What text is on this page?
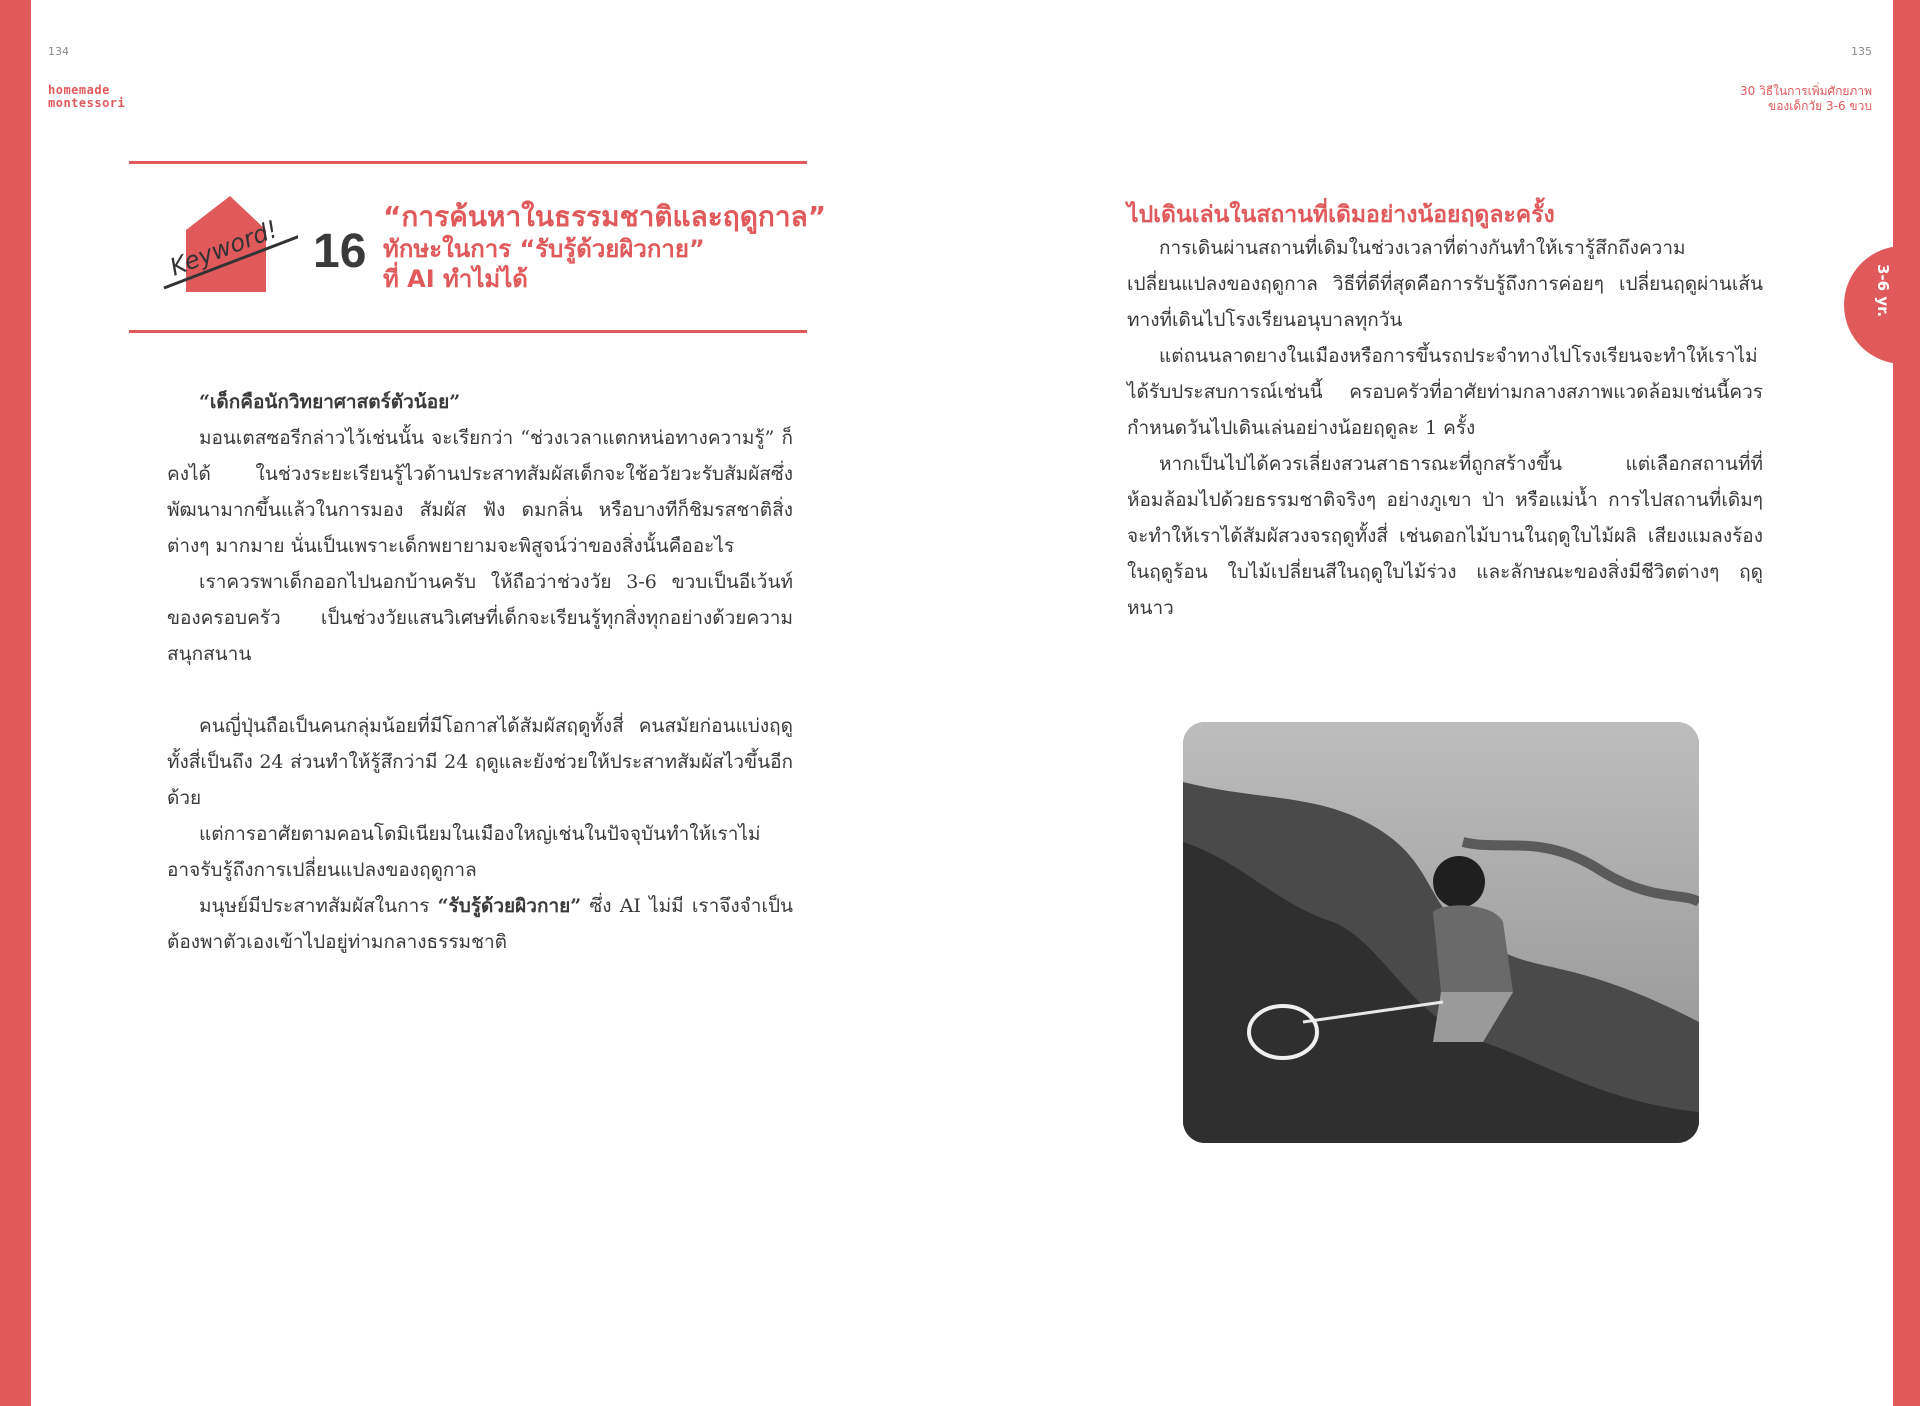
3-6 yr.
134	135
homemade
montessori
30 วิธีในการเพิ่มศักยภาพ
ของเด็กวัย 3-6 ขวบ
Keyword! 16
“การค้นหาในธรรมชาติและฤดูกาล”
ทักษะในการ “รับรู้ด้วยผิวกาย”
ที่ AI ทำไม่ได้

“เด็กคือนักวิทยาศาสตร์ตัวน้อย”

มอนเตสซอรีกล่าวไว้เช่นนั้น จะเรียกว่า “ช่วงเวลาแตกหน่อทางความรู้” ก็คงได้ ในช่วงระยะเรียนรู้ไวด้านประสาทสัมผัสเด็กจะใช้อวัยวะรับสัมผัสซึ่งพัฒนามากขึ้นแล้วในการมอง สัมผัส ฟัง ดมกลิ่น หรือบางทีก็ชิมรสชาติสิ่งต่างๆ มากมาย นั่นเป็นเพราะเด็กพยายามจะพิสูจน์ว่าของสิ่งนั้นคืออะไร

เราควรพาเด็กออกไปนอกบ้านครับ ให้ถือว่าช่วงวัย 3-6 ขวบเป็นอีเว้นท์ของครอบครัว เป็นช่วงวัยแสนวิเศษที่เด็กจะเรียนรู้ทุกสิ่งทุกอย่างด้วยความสนุกสนาน

คนญี่ปุ่นถือเป็นคนกลุ่มน้อยที่มีโอกาสได้สัมผัสฤดูทั้งสี่ คนสมัยก่อนแบ่งฤดูทั้งสี่เป็นถึง 24 ส่วนทำให้รู้สึกว่ามี 24 ฤดูและยังช่วยให้ประสาทสัมผัสไวขึ้นอีกด้วย

แต่การอาศัยตามคอนโดมิเนียมในเมืองใหญ่เช่นในปัจจุบันทำให้เราไม่อาจรับรู้ถึงการเปลี่ยนแปลงของฤดูกาล

มนุษย์มีประสาทสัมผัสในการ “รับรู้ด้วยผิวกาย” ซึ่ง AI ไม่มี เราจึงจำเป็นต้องพาตัวเองเข้าไปอยู่ท่ามกลางธรรมชาติ

ไปเดินเล่นในสถานที่เดิมอย่างน้อยฤดูละครั้ง

การเดินผ่านสถานที่เดิมในช่วงเวลาที่ต่างกันทำให้เรารู้สึกถึงความเปลี่ยนแปลงของฤดูกาล วิธีที่ดีที่สุดคือการรับรู้ถึงการค่อยๆ เปลี่ยนฤดูผ่านเส้นทางที่เดินไปโรงเรียนอนุบาลทุกวัน

แต่ถนนลาดยางในเมืองหรือการขึ้นรถประจำทางไปโรงเรียนจะทำให้เราไม่ได้รับประสบการณ์เช่นนี้ ครอบครัวที่อาศัยท่ามกลางสภาพแวดล้อมเช่นนี้ควรกำหนดวันไปเดินเล่นอย่างน้อยฤดูละ 1 ครั้ง

หากเป็นไปได้ควรเลี่ยงสวนสาธารณะที่ถูกสร้างขึ้น แต่เลือกสถานที่ที่ห้อมล้อมไปด้วยธรรมชาติจริงๆ อย่างภูเขา ป่า หรือแม่น้ำ การไปสถานที่เดิมๆ จะทำให้เราได้สัมผัสวงจรฤดูทั้งสี่ เช่นดอกไม้บานในฤดูใบไม้ผลิ เสียงแมลงร้องในฤดูร้อน ใบไม้เปลี่ยนสีในฤดูใบไม้ร่วง และลักษณะของสิ่งมีชีวิตต่างๆ ฤดูหนาว
